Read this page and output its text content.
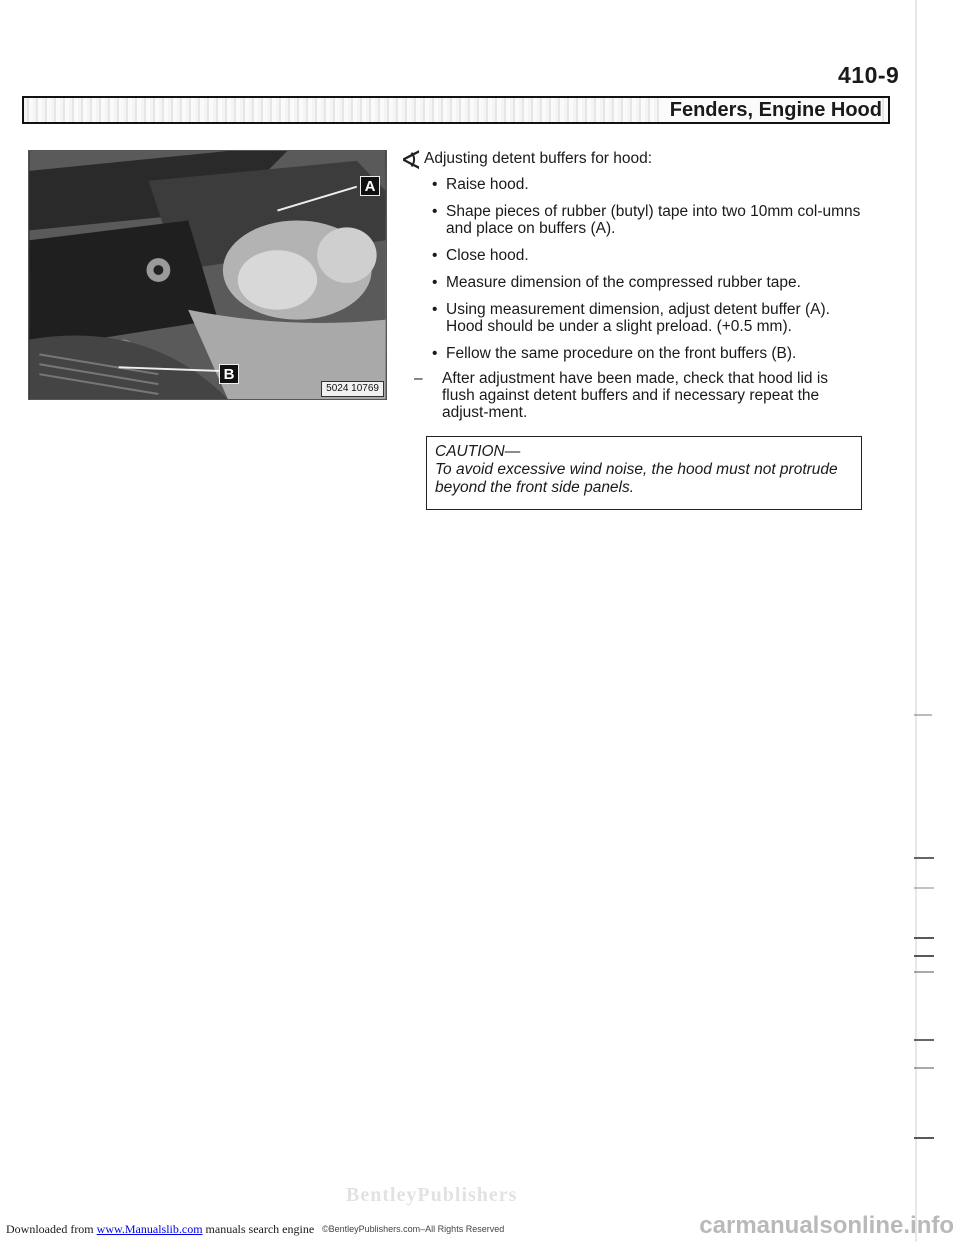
410-9
Fenders, Engine Hood
A
B
5024 10769
∢ Adjusting detent buffers for hood:
• Raise hood.
• Shape pieces of rubber (butyl) tape into two 10mm col-umns and place on buffers (A).
• Close hood.
• Measure dimension of the compressed rubber tape.
• Using measurement dimension, adjust detent buffer (A). Hood should be under a slight preload. (+0.5 mm).
• Fellow the same procedure on the front buffers (B).
–	After adjustment have been made, check that hood lid is flush against detent buffers and if necessary repeat the adjust-ment.
CAUTION—
To avoid excessive wind noise, the hood must not protrude beyond the front side panels.
BentleyPublishers
Downloaded from www.Manualslib.com manuals search engine ©BentleyPublishers.com–All Rights Reserved	carmanualsonline.info
